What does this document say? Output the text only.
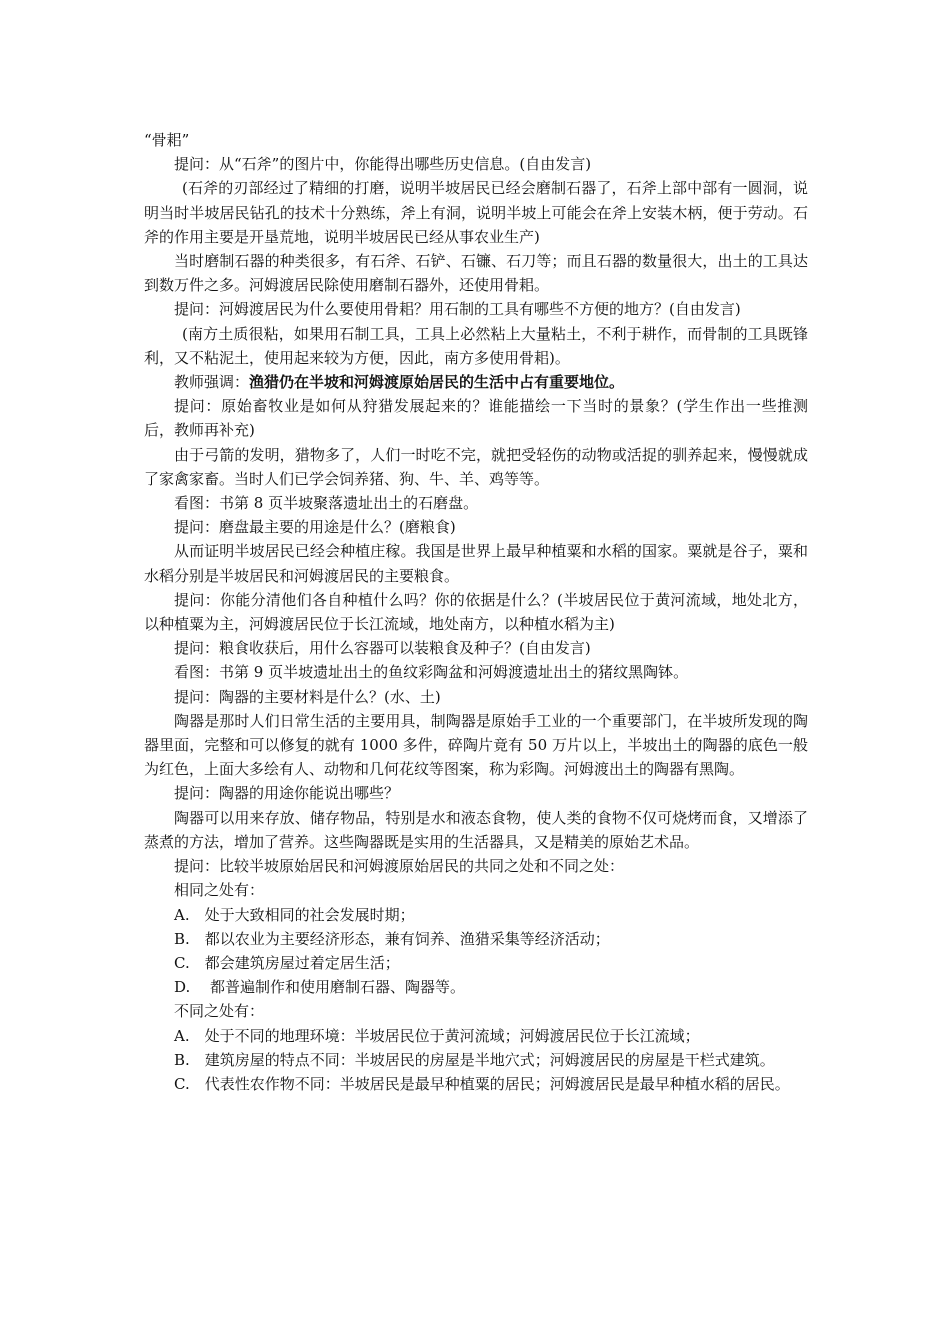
“骨耜”

提问：从“石斧”的图片中，你能得出哪些历史信息。(自由发言)

(石斧的刃部经过了精细的打磨，说明半坡居民已经会磨制石器了，石斧上部中部有一圆洞，说明当时半坡居民钻孔的技术十分熟练，斧上有洞，说明半坡上可能会在斧上安装木柄，便于劳动。石斧的作用主要是开垦荒地，说明半坡居民已经从事农业生产)

当时磨制石器的种类很多，有石斧、石铲、石镰、石刀等；而且石器的数量很大，出土的工具达到数万件之多。河姆渡居民除使用磨制石器外，还使用骨耜。

提问：河姆渡居民为什么要使用骨耜？用石制的工具有哪些不方便的地方？(自由发言)

(南方土质很粘，如果用石制工具，工具上必然粘上大量粘土，不利于耕作，而骨制的工具既锋利，又不粘泥土，使用起来较为方便，因此，南方多使用骨耜)。

教师强调：渔猎仍在半坡和河姆渡原始居民的生活中占有重要地位。

提问：原始畜牧业是如何从狩猎发展起来的？谁能描绘一下当时的景象？(学生作出一些推测后，教师再补充)

由于弓箭的发明，猎物多了，人们一时吃不完，就把受轻伤的动物或活捉的驯养起来，慢慢就成了家禽家畜。当时人们已学会饲养猪、狗、牛、羊、鸡等等。

看图：书第 8 页半坡聚落遗址出土的石磨盘。

提问：磨盘最主要的用途是什么？(磨粮食)

从而证明半坡居民已经会种植庄稼。我国是世界上最早种植粟和水稻的国家。粟就是谷子，粟和水稻分别是半坡居民和河姆渡居民的主要粮食。

提问：你能分清他们各自种植什么吗？你的依据是什么？(半坡居民位于黄河流域，地处北方，以种植粟为主，河姆渡居民位于长江流域，地处南方，以种植水稻为主)

提问：粮食收获后，用什么容器可以装粮食及种子？(自由发言)

看图：书第 9 页半坡遗址出土的鱼纹彩陶盆和河姆渡遗址出土的猪纹黑陶钵。

提问：陶器的主要材料是什么？(水、土)

陶器是那时人们日常生活的主要用具，制陶器是原始手工业的一个重要部门，在半坡所发现的陶器里面，完整和可以修复的就有 1000 多件，碎陶片竟有 50 万片以上，半坡出土的陶器的底色一般为红色，上面大多绘有人、动物和几何花纹等图案，称为彩陶。河姆渡出土的陶器有黑陶。

提问：陶器的用途你能说出哪些？

陶器可以用来存放、储存物品，特别是水和液态食物，使人类的食物不仅可烧烤而食，又增添了蒸煮的方法，增加了营养。这些陶器既是实用的生活器具，又是精美的原始艺术品。

提问：比较半坡原始居民和河姆渡原始居民的共同之处和不同之处：

相同之处有：

A.　处于大致相同的社会发展时期；

B.　都以农业为主要经济形态，兼有饲养、渔猎采集等经济活动；

C.　都会建筑房屋过着定居生活；

D.　 都普遍制作和使用磨制石器、陶器等。

不同之处有：

A.　处于不同的地理环境：半坡居民位于黄河流域；河姆渡居民位于长江流域；

B.　建筑房屋的特点不同：半坡居民的房屋是半地穴式；河姆渡居民的房屋是干栏式建筑。

C.　代表性农作物不同：半坡居民是最早种植粟的居民；河姆渡居民是最早种植水稻的居民。
